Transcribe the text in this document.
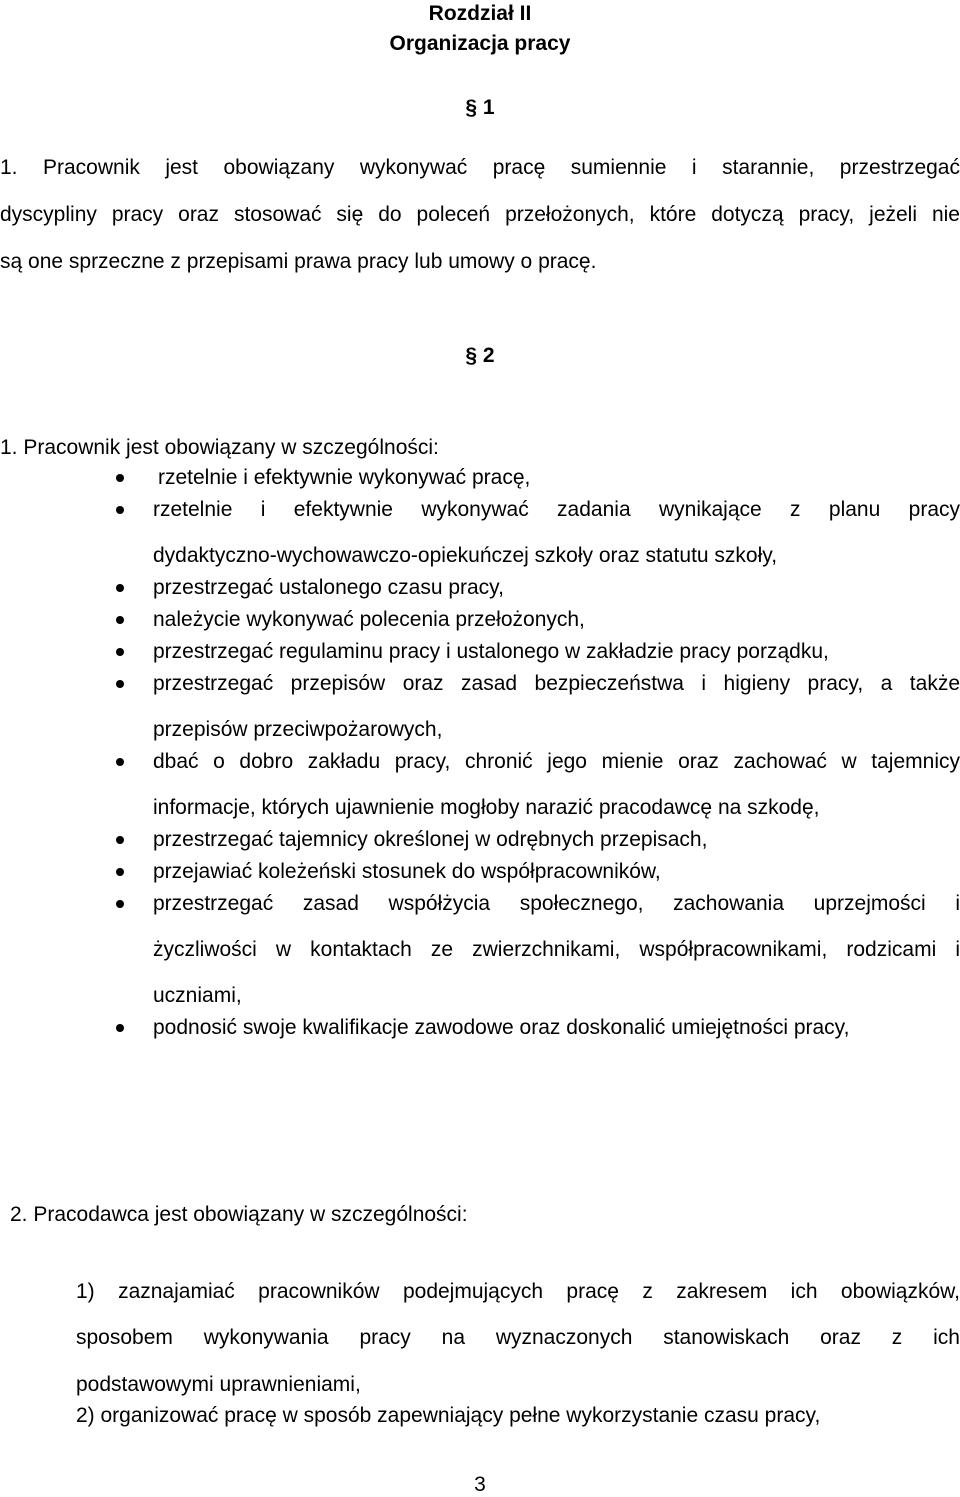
Rozdział II
Organizacja pracy
§ 1
1. Pracownik jest obowiązany wykonywać pracę sumiennie i starannie, przestrzegać
dyscypliny pracy oraz stosować się do poleceń przełożonych, które dotyczą pracy, jeżeli nie
są one sprzeczne z przepisami prawa pracy lub umowy o pracę.
§ 2
1. Pracownik jest obowiązany w szczególności:
rzetelnie i efektywnie wykonywać pracę,
rzetelnie i efektywnie wykonywać zadania wynikające z planu pracy
dydaktyczno-wychowawczo-opiekuńczej szkoły oraz statutu szkoły,
przestrzegać ustalonego czasu pracy,
należycie wykonywać polecenia przełożonych,
przestrzegać regulaminu pracy i ustalonego w zakładzie pracy porządku,
przestrzegać przepisów oraz zasad bezpieczeństwa i higieny pracy, a także
przepisów przeciwpożarowych,
dbać o dobro zakładu pracy, chronić jego mienie oraz zachować w tajemnicy
informacje, których ujawnienie mogłoby narazić pracodawcę na szkodę,
przestrzegać tajemnicy określonej w odrębnych przepisach,
przejawiać koleżeński stosunek do współpracowników,
przestrzegać zasad współżycia społecznego, zachowania uprzejmości i
życzliwości w kontaktach ze zwierzchnikami, współpracownikami, rodzicami i
uczniami,
podnosić swoje kwalifikacje zawodowe oraz doskonalić umiejętności pracy,
2. Pracodawca jest obowiązany w szczególności:
1) zaznajamiać pracowników podejmujących pracę z zakresem ich obowiązków,
sposobem wykonywania pracy na wyznaczonych stanowiskach oraz z ich
podstawowymi uprawnieniami,
2) organizować pracę w sposób zapewniający pełne wykorzystanie czasu pracy,
3
